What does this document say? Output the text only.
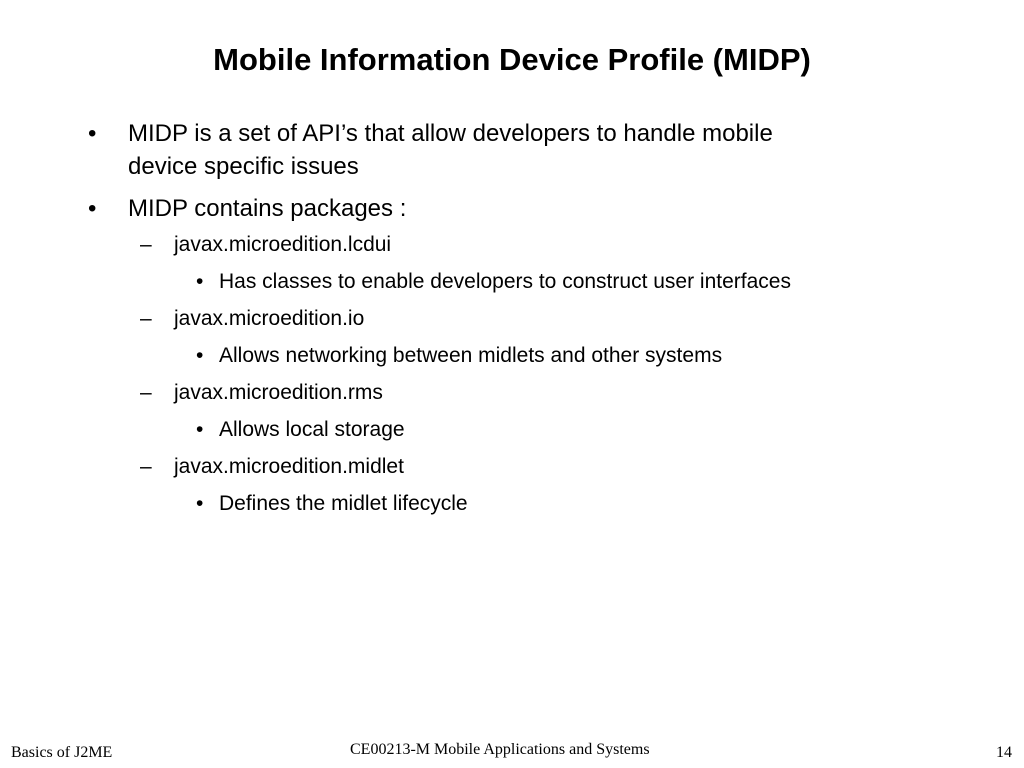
Mobile Information Device Profile (MIDP)
• MIDP is a set of API’s that allow developers to handle mobile
device specific issues
• MIDP contains packages :
– javax.microedition.lcdui
• Has classes to enable developers to construct user interfaces
– javax.microedition.io
• Allows networking between midlets and other systems
– javax.microedition.rms
• Allows local storage
– javax.microedition.midlet
• Defines the midlet lifecycle
Basics of J2ME	CE00213-M Mobile Applications and Systems	14
